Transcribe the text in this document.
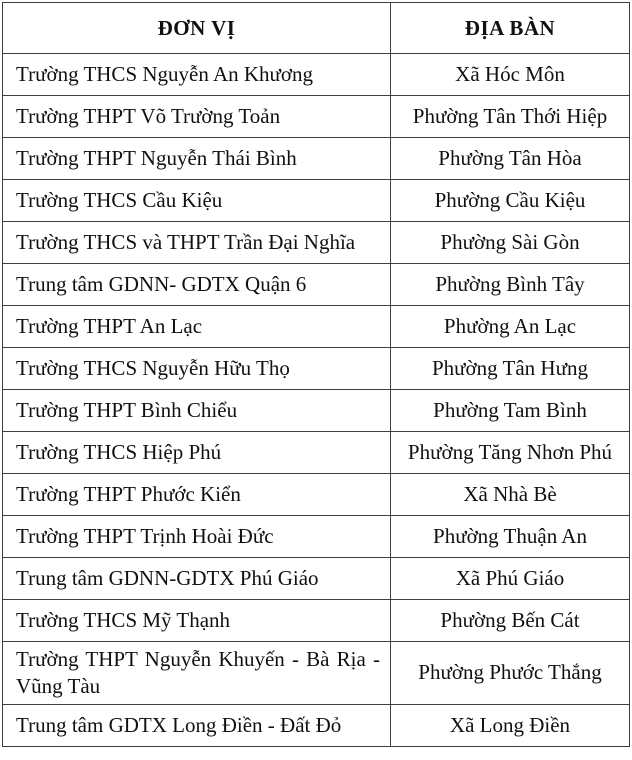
ĐƠN VỊ	ĐỊA BÀN
Trường THCS Nguyễn An Khương	Xã Hóc Môn
Trường THPT Võ Trường Toản	Phường Tân Thới Hiệp
Trường THPT Nguyễn Thái Bình	Phường Tân Hòa
Trường THCS Cầu Kiệu	Phường Cầu Kiệu
Trường THCS và THPT Trần Đại Nghĩa	Phường Sài Gòn
Trung tâm GDNN- GDTX Quận 6	Phường Bình Tây
Trường THPT An Lạc	Phường An Lạc
Trường THCS Nguyễn Hữu Thọ	Phường Tân Hưng
Trường THPT Bình Chiểu	Phường Tam Bình
Trường THCS Hiệp Phú	Phường Tăng Nhơn Phú
Trường THPT Phước Kiển	Xã Nhà Bè
Trường THPT Trịnh Hoài Đức	Phường Thuận An
Trung tâm GDNN-GDTX Phú Giáo	Xã Phú Giáo
Trường THCS Mỹ Thạnh	Phường Bến Cát
Trường THPT Nguyễn Khuyến - Bà Rịa - Vũng Tàu	Phường Phước Thắng
Trung tâm GDTX Long Điền - Đất Đỏ	Xã Long Điền
